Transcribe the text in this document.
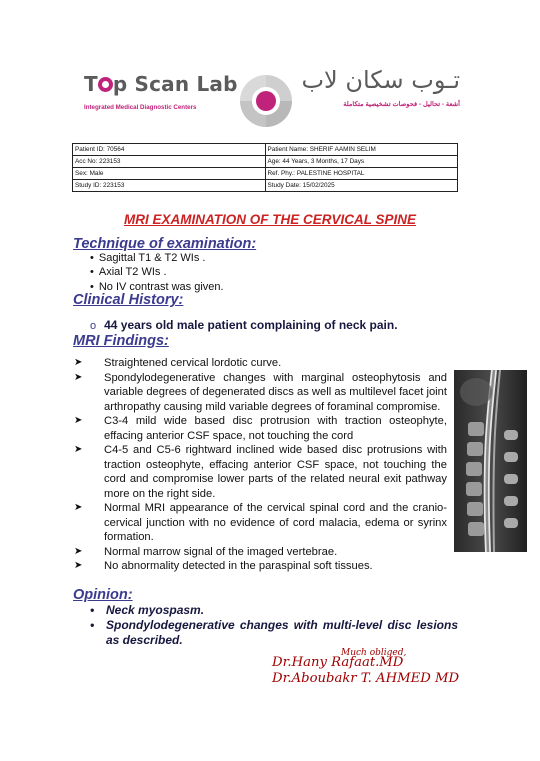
T p Scan Lab
Integrated Medical Diagnostic Centers
تـوب سكان لاب
أشعة - تحاليل - فحوصات تشخيصية متكاملة
Patient ID: 70564	Patient Name: SHERIF AAMIN SELIM
Acc No: 223153	Age: 44 Years, 3 Months, 17 Days
Sex: Male	Ref. Phy.: PALESTINE HOSPITAL
Study ID: 223153	Study Date: 15/02/2025
MRI EXAMINATION OF THE CERVICAL SPINE
Technique of examination:
• Sagittal T1 & T2 WIs .
• Axial T2 WIs .
• No IV contrast was given.
Clinical History:
o 44 years old male patient complaining of neck pain.
MRI Findings:
➤ Straightened cervical lordotic curve.
➤ Spondylodegenerative changes with marginal osteophytosis and variable degrees of degenerated discs as well as multilevel facet joint arthropathy causing mild variable degrees of foraminal compromise.
➤ C3-4 mild wide based disc protrusion with traction osteophyte, effacing anterior CSF space, not touching the cord
➤ C4-5 and C5-6 rightward inclined wide based disc protrusions with traction osteophyte, effacing anterior CSF space, not touching the cord and compromise lower parts of the related neural exit pathway more on the right side.
➤ Normal MRI appearance of the cervical spinal cord and the cranio-cervical junction with no evidence of cord malacia, edema or syrinx formation.
➤ Normal marrow signal of the imaged vertebrae.
➤ No abnormality detected in the paraspinal soft tissues.
Opinion:
• Neck myospasm.
• Spondylodegenerative changes with multi-level disc lesions as described.
Much obliged,
Dr.Hany Rafaat.MD
Dr.Aboubakr T. AHMED MD
